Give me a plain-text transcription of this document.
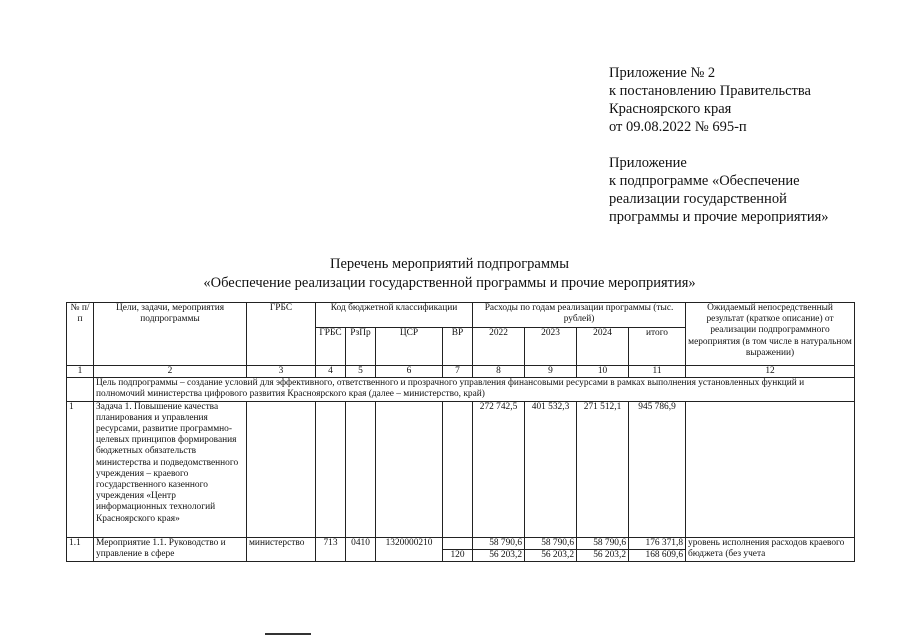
Приложение № 2
к постановлению Правительства
Красноярского края
от 09.08.2022 № 695-п
Приложение
к подпрограмме «Обеспечение
реализации государственной
программы и прочие мероприятия»
Перечень мероприятий подпрограммы
«Обеспечение реализации государственной программы и прочие мероприятия»
№ п/п	Цели, задачи, мероприятия подпрограммы	ГРБС	Код бюджетной классификации				Расходы по годам реализации программы (тыс. рублей)				Ожидаемый непосредственный результат (краткое описание) от реализации подпрограммного мероприятия (в том числе в натуральном выражении)
			ГРБС	РзПр	ЦСР	ВР	2022	2023	2024	итого	
1	2	3	4	5	6	7	8	9	10	11	12
	Цель подпрограммы – создание условий для эффективного, ответственного и прозрачного управления финансовыми ресурсами в рамках выполнения установленных функций и полномочий министерства цифрового развития Красноярского края (далее – министерство, край)										
1	Задача 1. Повышение качества планирования и управления ресурсами, развитие программно-целевых принципов формирования бюджетных обязательств министерства и подведомственного учреждения – краевого государственного казенного учреждения «Центр информационных технологий Красноярского края»						272 742,5	401 532,3	271 512,1	945 786,9	
1.1	Мероприятие 1.1. Руководство и управление в сфере	министерство	713	0410	1320000210		58 790,6	58 790,6	58 790,6	176 371,8	уровень исполнения расходов краевого бюджета (без учета
						120	56 203,2	56 203,2	56 203,2	168 609,6	
